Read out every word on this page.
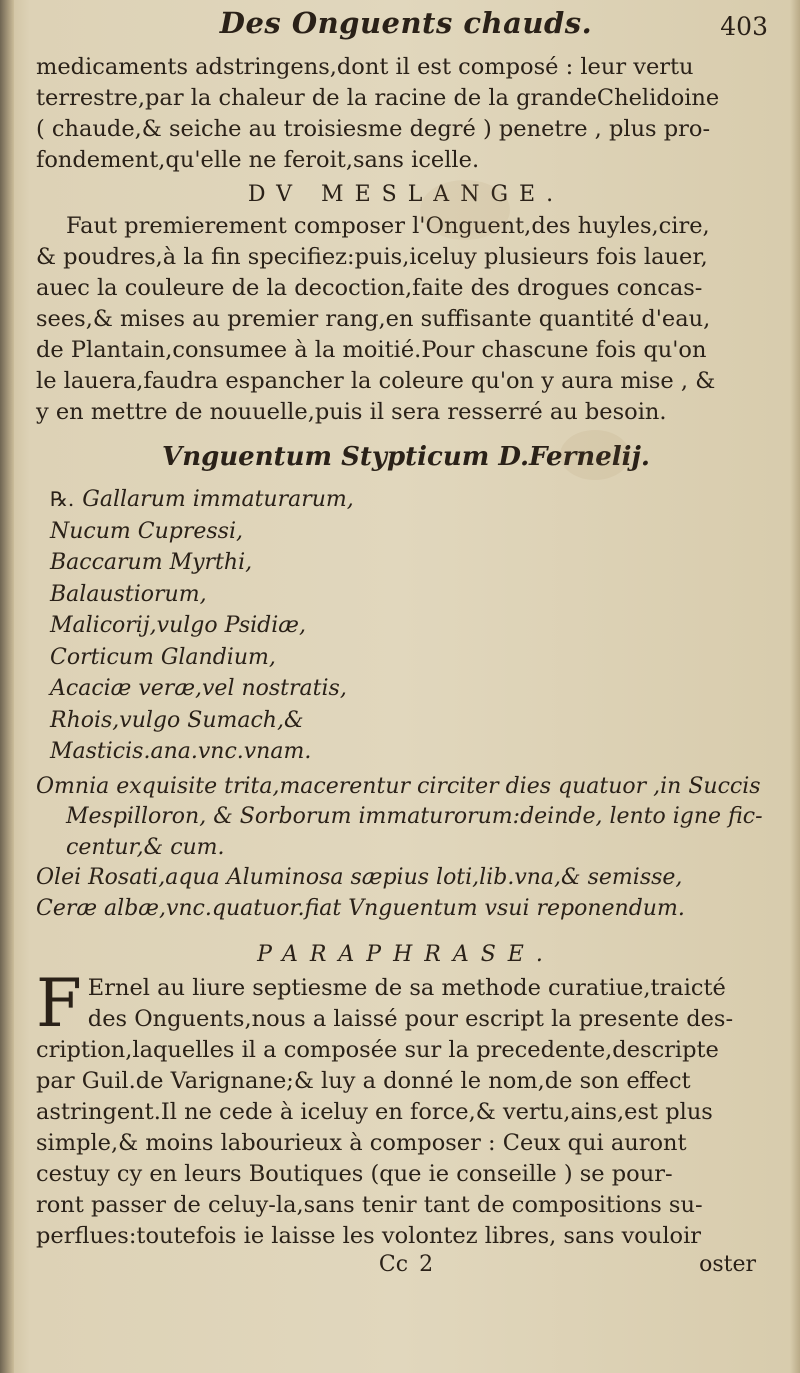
Des Onguents chauds.	403
medicaments adstringens,dont il est composé : leur vertu
terrestre,par la chaleur de la racine de la grandeChelidoine
( chaude,& seiche au troisiesme degré ) penetre , plus pro-
fondement,qu'elle ne feroit,sans icelle.
DV MESLANGE.
Faut premierement composer l'Onguent,des huyles,cire,
& poudres,à la fin specifiez:puis,iceluy plusieurs fois lauer,
auec la couleure de la decoction,faite des drogues concas-
sees,& mises au premier rang,en suffisante quantité d'eau,
de Plantain,consumee à la moitié.Pour chascune fois qu'on
le lauera,faudra espancher la coleure qu'on y aura mise , &
y en mettre de nouuelle,puis il sera resserré au besoin.
Vnguentum Stypticum D.Fernelij.
℞. Gallarum immaturarum,
Nucum Cupressi,
Baccarum Myrthi,
Balaustiorum,
Malicorij,vulgo Psidiæ,
Corticum Glandium,
Acaciæ veræ,vel nostratis,
Rhois,vulgo Sumach,&
Masticis.ana.vnc.vnam.
Omnia exquisite trita,macerentur circiter dies quatuor ,in Succis
Mespilloron, & Sorborum immaturorum:deinde, lento igne fic-
centur,& cum.
Olei Rosati,aqua Aluminosa sæpius loti,lib.vna,& semisse,
Ceræ albæ,vnc.quatuor.fiat Vnguentum vsui reponendum.
PARAPHRASE.
F Ernel au liure septiesme de sa methode curatiue,traicté
des Onguents,nous a laissé pour escript la presente des-
cription,laquelles il a composée sur la precedente,descripte
par Guil.de Varignane;& luy a donné le nom,de son effect
astringent.Il ne cede à iceluy en force,& vertu,ains,est plus
simple,& moins labourieux à composer : Ceux qui auront
cestuy cy en leurs Boutiques (que ie conseille ) se pour-
ront passer de celuy-la,sans tenir tant de compositions su-
perflues:toutefois ie laisse les volontez libres, sans vouloir
Cc 2	oster
